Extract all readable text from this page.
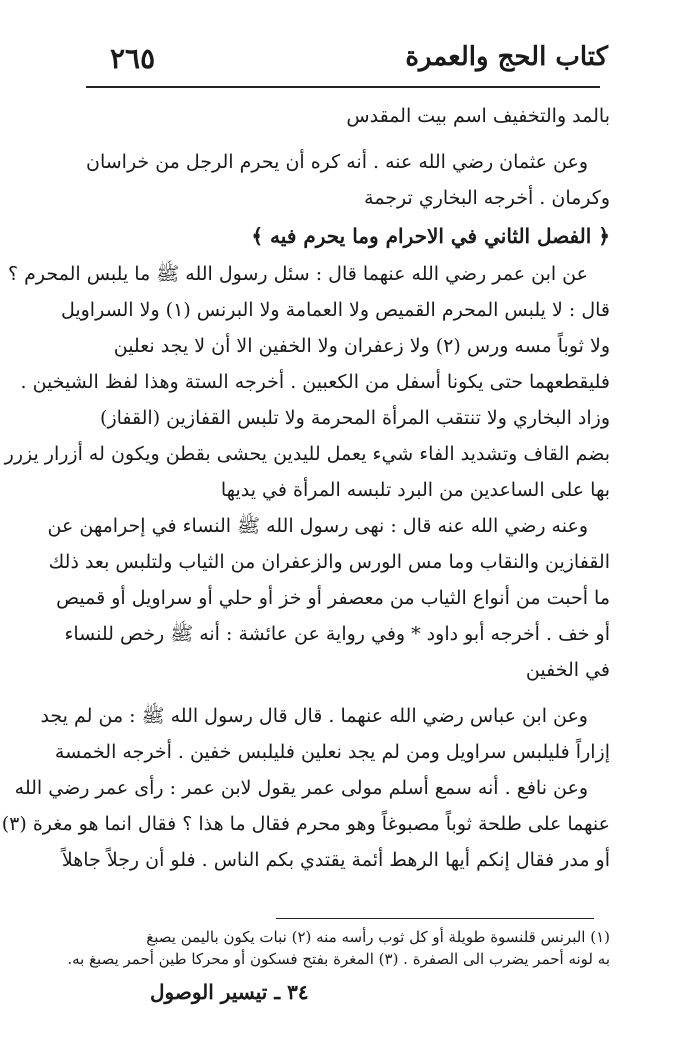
كتاب الحج والعمرة
٢٦٥
بالمد والتخفيف اسم بيت المقدس
وعن عثمان رضي الله عنه . أنه كره أن يحرم الرجل من خراسان
وكرمان . أخرجه البخاري ترجمة
﴿ الفصل الثاني في الاحرام وما يحرم فيه ﴾
عن ابن عمر رضي الله عنهما قال : سئل رسول الله ﷺ ما يلبس المحرم ؟
قال : لا يلبس المحرم القميص ولا العمامة ولا البرنس (١) ولا السراويل
ولا ثوباً مسه ورس (٢) ولا زعفران ولا الخفين الا أن لا يجد نعلين
فليقطعهما حتى يكونا أسفل من الكعبين . أخرجه الستة وهذا لفظ الشيخين .
وزاد البخاري ولا تنتقب المرأة المحرمة ولا تلبس القفازين (القفاز)
بضم القاف وتشديد الفاء شيء يعمل لليدين يحشى بقطن ويكون له أزرار يزرر
بها على الساعدين من البرد تلبسه المرأة في يديها
وعنه رضي الله عنه قال : نهى رسول الله ﷺ النساء في إحرامهن عن
القفازين والنقاب وما مس الورس والزعفران من الثياب ولتلبس بعد ذلك
ما أحبت من أنواع الثياب من معصفر أو خز أو حلي أو سراويل أو قميص
أو خف . أخرجه أبو داود * وفي رواية عن عائشة : أنه ﷺ رخص للنساء
في الخفين
وعن ابن عباس رضي الله عنهما . قال قال رسول الله ﷺ : من لم يجد
إزاراً فليلبس سراويل ومن لم يجد نعلين فليلبس خفين . أخرجه الخمسة
وعن نافع . أنه سمع أسلم مولى عمر يقول لابن عمر : رأى عمر رضي الله
عنهما على طلحة ثوباً مصبوغاً وهو محرم فقال ما هذا ؟ فقال انما هو مغرة (٣)
أو مدر فقال إنكم أيها الرهط أئمة يقتدي بكم الناس . فلو أن رجلاً جاهلاً
(١) البرنس قلنسوة طويلة أو كل ثوب رأسه منه (٢) نبات يكون باليمن يصبغ
به لونه أحمر يضرب الى الصفرة . (٣) المغرة بفتح فسكون أو محركا طين أحمر يصبغ به.
٣٤ ـ تيسير الوصول
